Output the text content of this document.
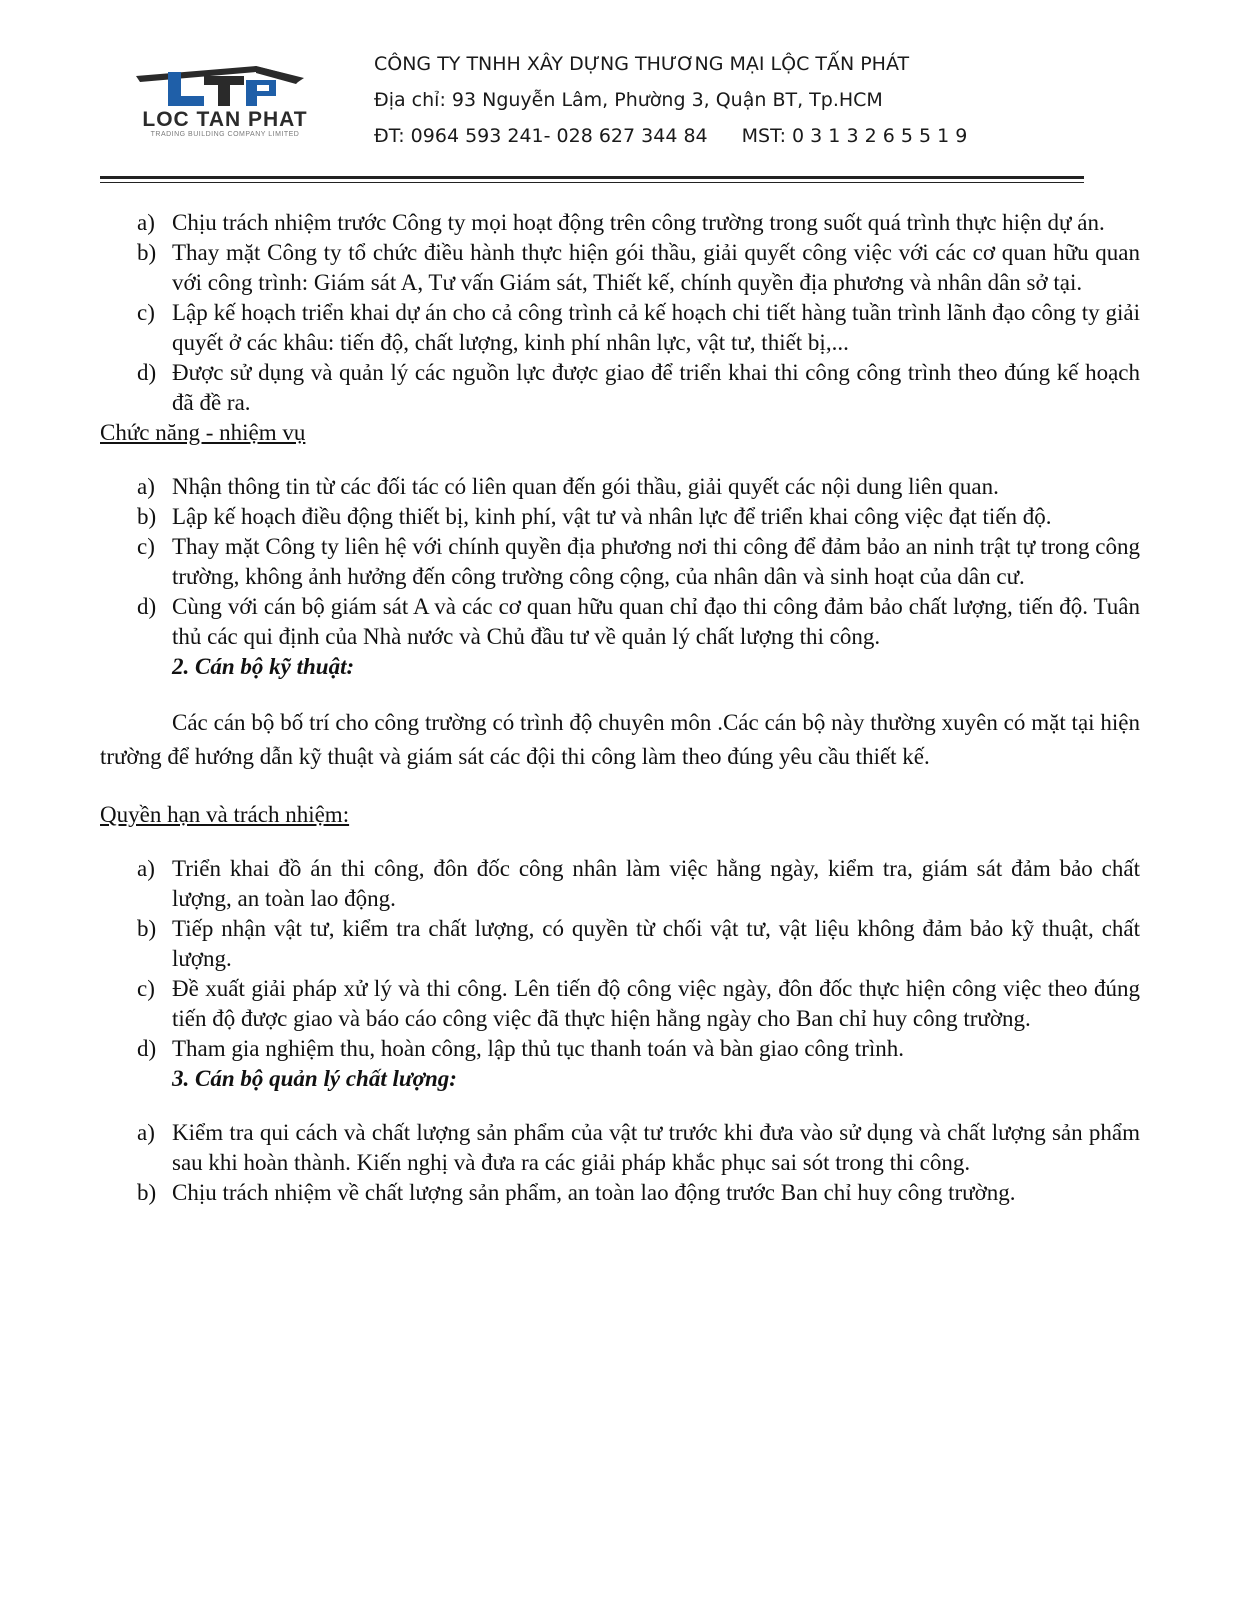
LOC TAN PHAT
TRADING BUILDING COMPANY LIMITED
CÔNG TY TNHH XÂY DỰNG THƯƠNG MẠI LỘC TẤN PHÁT
Địa chỉ: 93 Nguyễn Lâm, Phường 3, Quận BT, Tp.HCM
ĐT: 0964 593 241- 028 627 344 84 MST: 0 3 1 3 2 6 5 5 1 9
a) Chịu trách nhiệm trước Công ty mọi hoạt động trên công trường trong suốt quá trình thực hiện dự án.
b) Thay mặt Công ty tổ chức điều hành thực hiện gói thầu, giải quyết công việc với các cơ quan hữu quan với công trình: Giám sát A, Tư vấn Giám sát, Thiết kế, chính quyền địa phương và nhân dân sở tại.
c) Lập kế hoạch triển khai dự án cho cả công trình cả kế hoạch chi tiết hàng tuần trình lãnh đạo công ty giải quyết ở các khâu: tiến độ, chất lượng, kinh phí nhân lực, vật tư, thiết bị,...
d) Được sử dụng và quản lý các nguồn lực được giao để triển khai thi công công trình theo đúng kế hoạch đã đề ra.
Chức năng - nhiệm vụ
a) Nhận thông tin từ các đối tác có liên quan đến gói thầu, giải quyết các nội dung liên quan.
b) Lập kế hoạch điều động thiết bị, kinh phí, vật tư và nhân lực để triển khai công việc đạt tiến độ.
c) Thay mặt Công ty liên hệ với chính quyền địa phương nơi thi công để đảm bảo an ninh trật tự trong công trường, không ảnh hưởng đến công trường công cộng, của nhân dân và sinh hoạt của dân cư.
d) Cùng với cán bộ giám sát A và các cơ quan hữu quan chỉ đạo thi công đảm bảo chất lượng, tiến độ. Tuân thủ các qui định của Nhà nước và Chủ đầu tư về quản lý chất lượng thi công.
2. Cán bộ kỹ thuật:
Các cán bộ bố trí cho công trường có trình độ chuyên môn .Các cán bộ này thường xuyên có mặt tại hiện trường để hướng dẫn kỹ thuật và giám sát các đội thi công làm theo đúng yêu cầu thiết kế.
Quyền hạn và trách nhiệm:
a) Triển khai đồ án thi công, đôn đốc công nhân làm việc hằng ngày, kiểm tra, giám sát đảm bảo chất lượng, an toàn lao động.
b) Tiếp nhận vật tư, kiểm tra chất lượng, có quyền từ chối vật tư, vật liệu không đảm bảo kỹ thuật, chất lượng.
c) Đề xuất giải pháp xử lý và thi công. Lên tiến độ công việc ngày, đôn đốc thực hiện công việc theo đúng tiến độ được giao và báo cáo công việc đã thực hiện hằng ngày cho Ban chỉ huy công trường.
d) Tham gia nghiệm thu, hoàn công, lập thủ tục thanh toán và bàn giao công trình.
3. Cán bộ quản lý chất lượng:
a) Kiểm tra qui cách và chất lượng sản phẩm của vật tư trước khi đưa vào sử dụng và chất lượng sản phẩm sau khi hoàn thành. Kiến nghị và đưa ra các giải pháp khắc phục sai sót trong thi công.
b) Chịu trách nhiệm về chất lượng sản phẩm, an toàn lao động trước Ban chỉ huy công trường.
